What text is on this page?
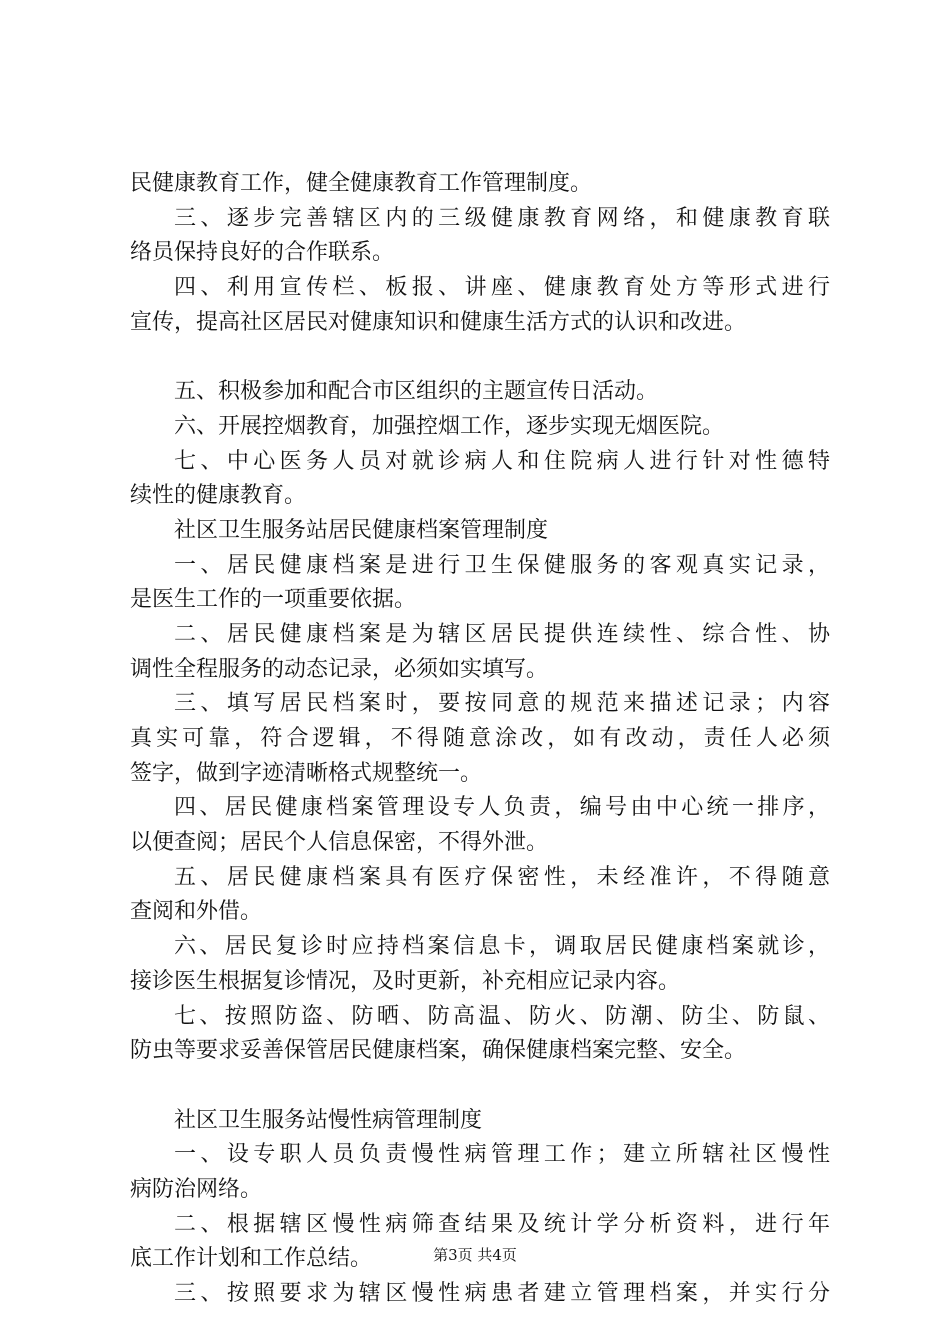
民健康教育工作，健全健康教育工作管理制度。
三、逐步完善辖区内的三级健康教育网络，和健康教育联
络员保持良好的合作联系。
四、利用宣传栏、板报、讲座、健康教育处方等形式进行
宣传，提高社区居民对健康知识和健康生活方式的认识和改进。
五、积极参加和配合市区组织的主题宣传日活动。
六、开展控烟教育，加强控烟工作，逐步实现无烟医院。
七、中心医务人员对就诊病人和住院病人进行针对性德特
续性的健康教育。
社区卫生服务站居民健康档案管理制度
一、居民健康档案是进行卫生保健服务的客观真实记录，
是医生工作的一项重要依据。
二、居民健康档案是为辖区居民提供连续性、综合性、协
调性全程服务的动态记录，必须如实填写。
三、填写居民档案时，要按同意的规范来描述记录；内容
真实可靠，符合逻辑，不得随意涂改，如有改动，责任人必须
签字，做到字迹清晰格式规整统一。
四、居民健康档案管理设专人负责，编号由中心统一排序，
以便查阅；居民个人信息保密，不得外泄。
五、居民健康档案具有医疗保密性，未经准许，不得随意
查阅和外借。
六、居民复诊时应持档案信息卡，调取居民健康档案就诊，
接诊医生根据复诊情况，及时更新，补充相应记录内容。
七、按照防盗、防晒、防高温、防火、防潮、防尘、防鼠、
防虫等要求妥善保管居民健康档案，确保健康档案完整、安全。
社区卫生服务站慢性病管理制度
一、设专职人员负责慢性病管理工作；建立所辖社区慢性
病防治网络。
二、根据辖区慢性病筛查结果及统计学分析资料，进行年
底工作计划和工作总结。
三、按照要求为辖区慢性病患者建立管理档案，并实行分
第3页 共4页
